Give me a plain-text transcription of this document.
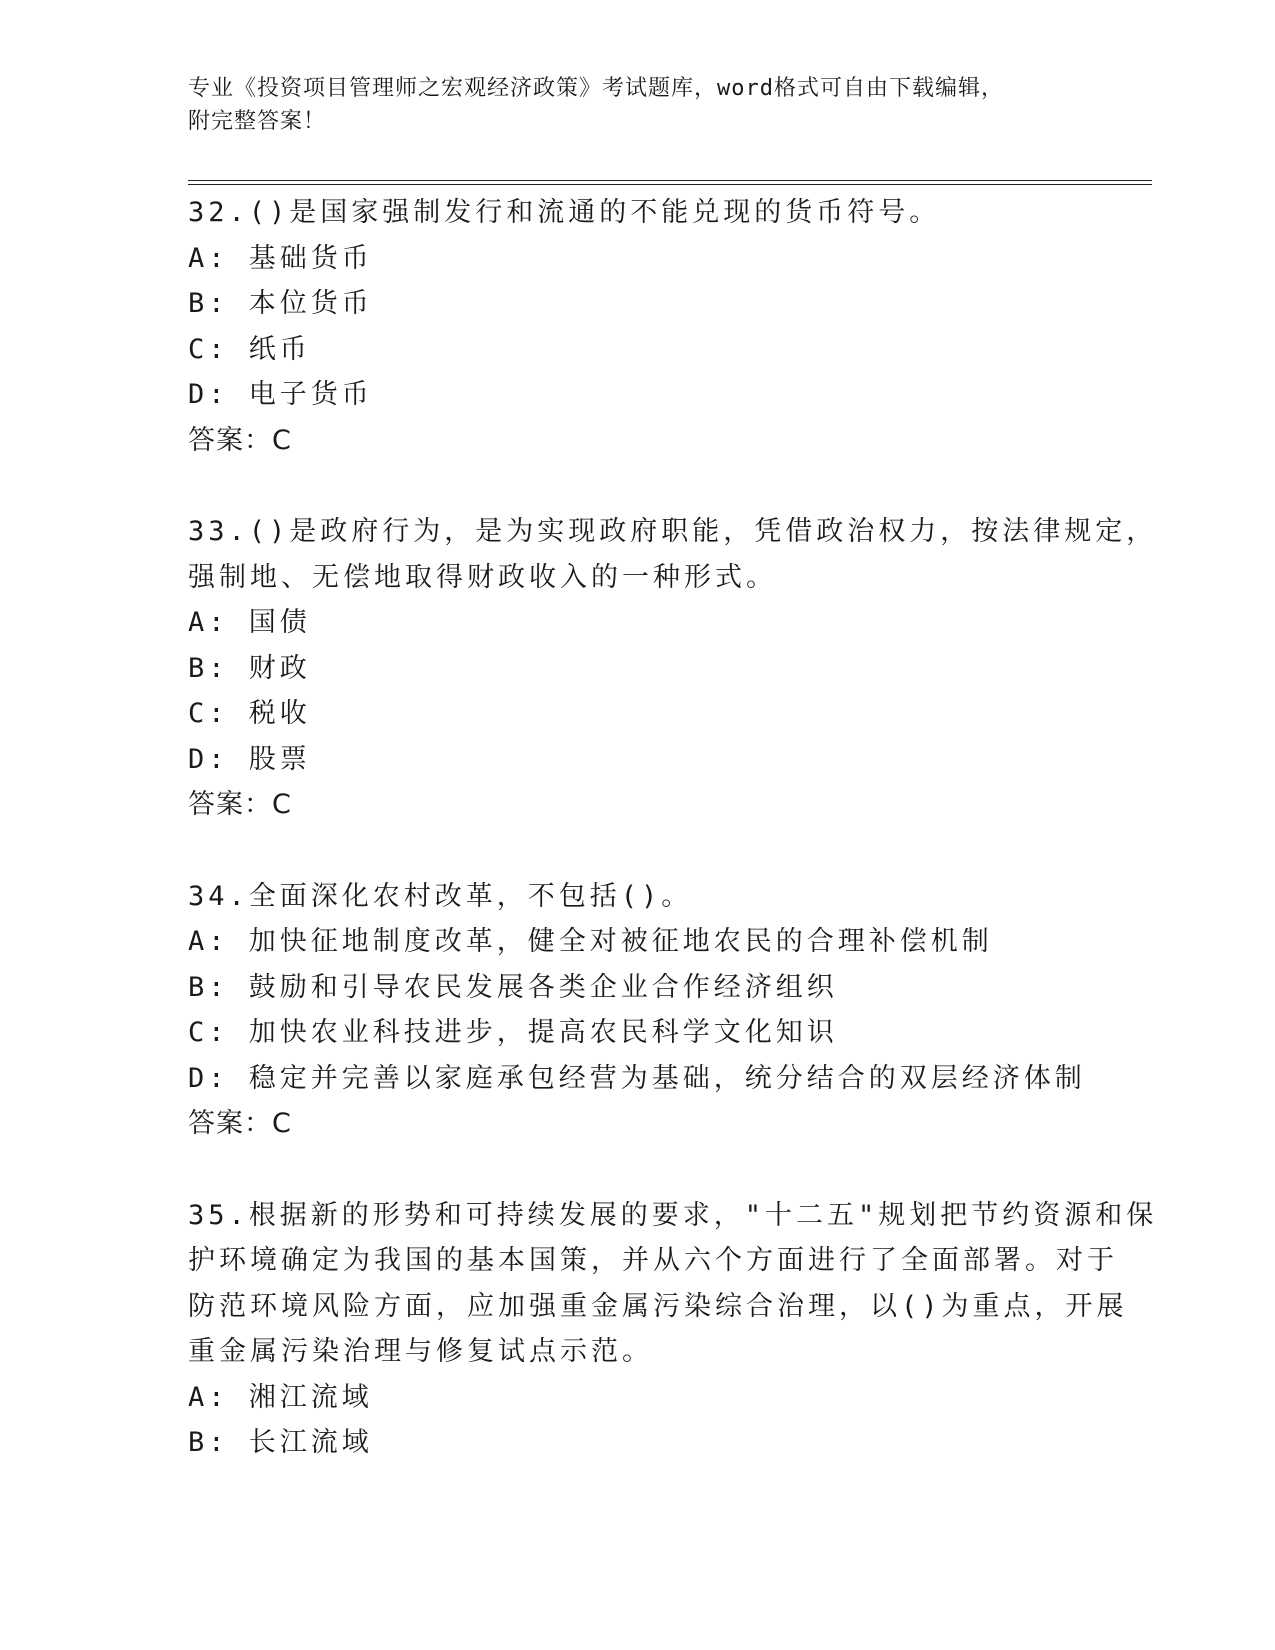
专业《投资项目管理师之宏观经济政策》考试题库，word格式可自由下载编辑，
附完整答案！
32.()是国家强制发行和流通的不能兑现的货币符号。
A: 基础货币
B: 本位货币
C: 纸币
D: 电子货币
答案：C
33.()是政府行为，是为实现政府职能，凭借政治权力，按法律规定，
强制地、无偿地取得财政收入的一种形式。
A: 国债
B: 财政
C: 税收
D: 股票
答案：C
34.全面深化农村改革，不包括()。
A: 加快征地制度改革，健全对被征地农民的合理补偿机制
B: 鼓励和引导农民发展各类企业合作经济组织
C: 加快农业科技进步，提高农民科学文化知识
D: 稳定并完善以家庭承包经营为基础，统分结合的双层经济体制
答案：C
35.根据新的形势和可持续发展的要求，"十二五"规划把节约资源和保
护环境确定为我国的基本国策，并从六个方面进行了全面部署。对于
防范环境风险方面，应加强重金属污染综合治理，以()为重点，开展
重金属污染治理与修复试点示范。
A: 湘江流域
B: 长江流域
